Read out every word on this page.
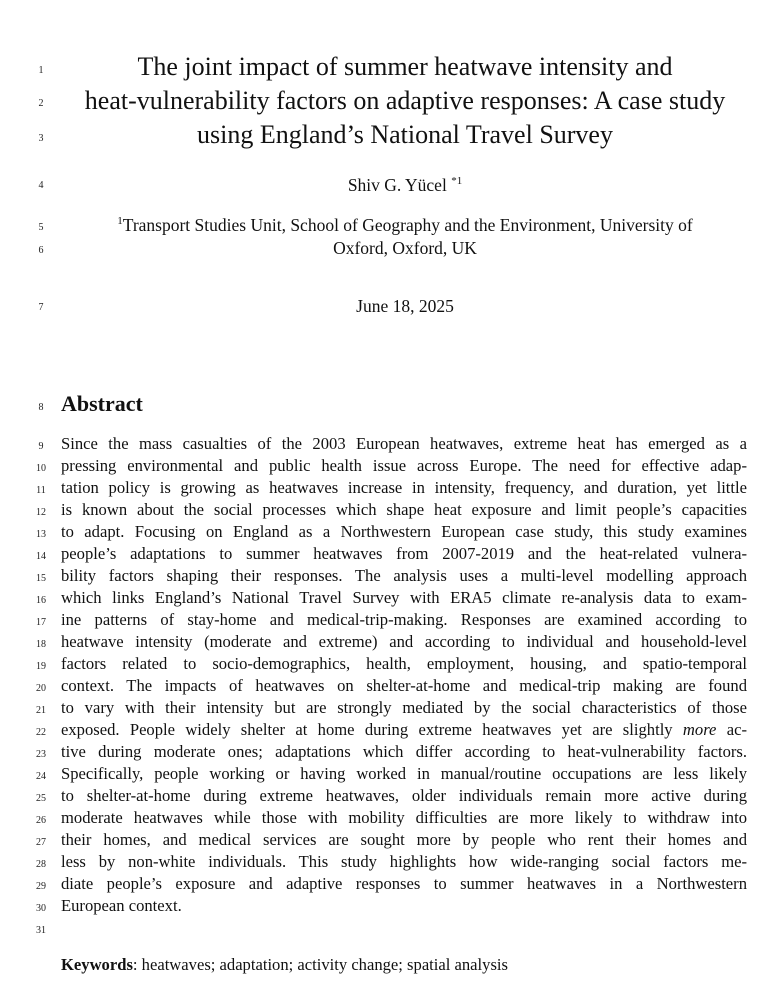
1
2
3
4
5
6
7
8
9
10
11
12
13
14
15
16
17
18
19
20
21
22
23
24
25
26
27
28
29
30
31
The joint impact of summer heatwave intensity and
heat-vulnerability factors on adaptive responses: A case study
using England’s National Travel Survey
Shiv G. Yücel $^{*1}$
$^1$Transport Studies Unit, School of Geography and the Environment, University of
Oxford, Oxford, UK
June 18, 2025
Abstract
Since the mass casualties of the 2003 European heatwaves, extreme heat has emerged as a
pressing environmental and public health issue across Europe. The need for effective adap-
tation policy is growing as heatwaves increase in intensity, frequency, and duration, yet little
is known about the social processes which shape heat exposure and limit people’s capacities
to adapt. Focusing on England as a Northwestern European case study, this study examines
people’s adaptations to summer heatwaves from 2007-2019 and the heat-related vulnera-
bility factors shaping their responses. The analysis uses a multi-level modelling approach
which links England’s National Travel Survey with ERA5 climate re-analysis data to exam-
ine patterns of stay-home and medical-trip-making. Responses are examined according to
heatwave intensity (moderate and extreme) and according to individual and household-level
factors related to socio-demographics, health, employment, housing, and spatio-temporal
context. The impacts of heatwaves on shelter-at-home and medical-trip making are found
to vary with their intensity but are strongly mediated by the social characteristics of those
exposed. People widely shelter at home during extreme heatwaves yet are slightly more ac-
tive during moderate ones; adaptations which differ according to heat-vulnerability factors.
Specifically, people working or having worked in manual/routine occupations are less likely
to shelter-at-home during extreme heatwaves, older individuals remain more active during
moderate heatwaves while those with mobility difficulties are more likely to withdraw into
their homes, and medical services are sought more by people who rent their homes and
less by non-white individuals. This study highlights how wide-ranging social factors me-
diate people’s exposure and adaptive responses to summer heatwaves in a Northwestern
European context.
Keywords: heatwaves; adaptation; activity change; spatial analysis
